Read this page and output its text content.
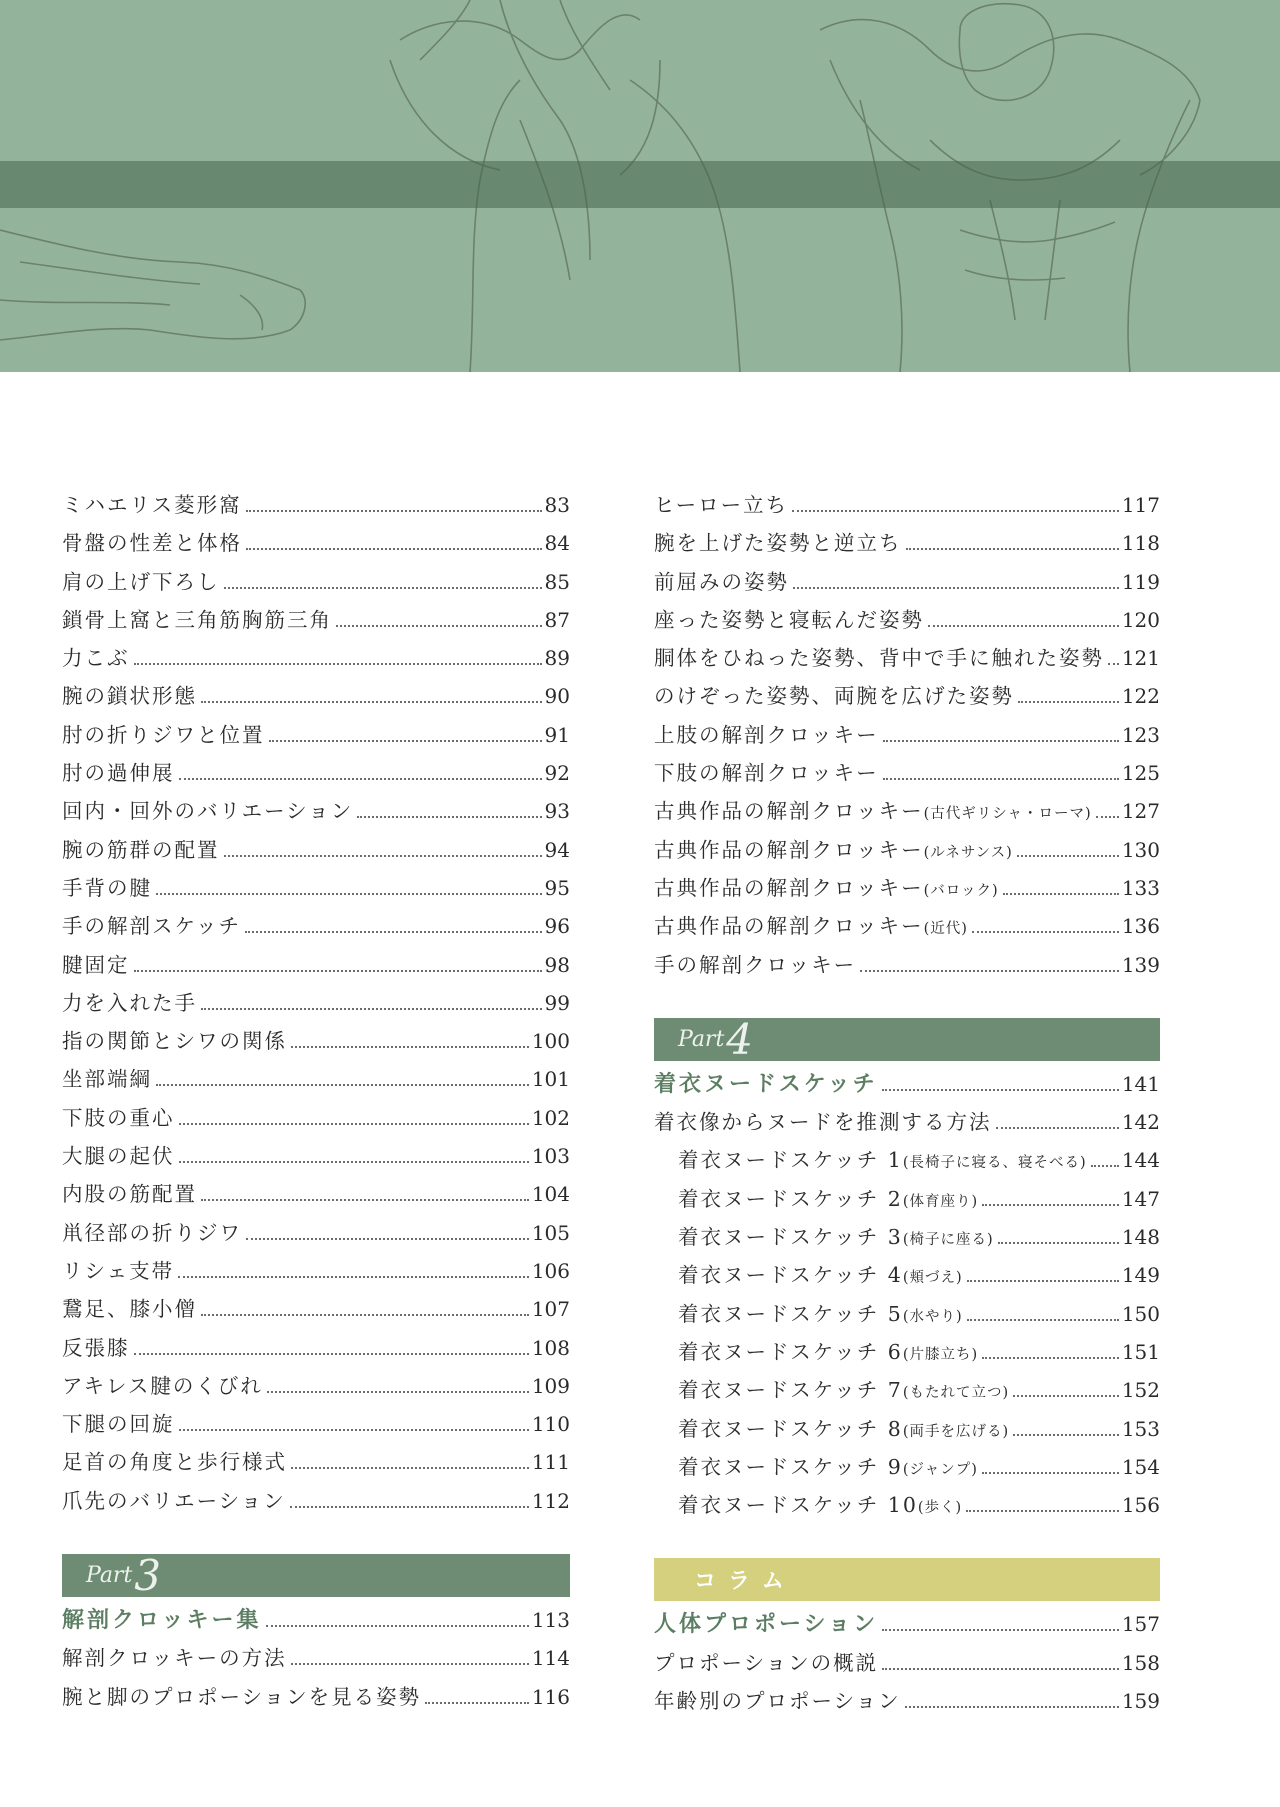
ミハエリス菱形窩	83
骨盤の性差と体格	84
肩の上げ下ろし	85
鎖骨上窩と三角筋胸筋三角	87
力こぶ	89
腕の鎖状形態	90
肘の折りジワと位置	91
肘の過伸展	92
回内・回外のバリエーション	93
腕の筋群の配置	94
手背の腱	95
手の解剖スケッチ	96
腱固定	98
力を入れた手	99
指の関節とシワの関係	100
坐部端綱	101
下肢の重心	102
大腿の起伏	103
内股の筋配置	104
鼡径部の折りジワ	105
リシェ支帯	106
鵞足、膝小僧	107
反張膝	108
アキレス腱のくびれ	109
下腿の回旋	110
足首の角度と歩行様式	111
爪先のバリエーション	112
Part 3
解剖クロッキー集	113
解剖クロッキーの方法	114
腕と脚のプロポーションを見る姿勢	116
ヒーロー立ち	117
腕を上げた姿勢と逆立ち	118
前屈みの姿勢	119
座った姿勢と寝転んだ姿勢	120
胴体をひねった姿勢、背中で手に触れた姿勢 121
のけぞった姿勢、両腕を広げた姿勢	122
上肢の解剖クロッキー	123
下肢の解剖クロッキー	125
古典作品の解剖クロッキー (古代ギリシャ・ローマ) 127
古典作品の解剖クロッキー (ルネサンス)	130
古典作品の解剖クロッキー (バロック)	133
古典作品の解剖クロッキー (近代)	136
手の解剖クロッキー	139
Part 4
着衣ヌードスケッチ	141
着衣像からヌードを推測する方法	142
着衣ヌードスケッチ 1 (長椅子に寝る、寝そべる) 144
着衣ヌードスケッチ 2 (体育座り)	147
着衣ヌードスケッチ 3 (椅子に座る)	148
着衣ヌードスケッチ 4 (頬づえ)	149
着衣ヌードスケッチ 5 (水やり)	150
着衣ヌードスケッチ 6 (片膝立ち)	151
着衣ヌードスケッチ 7 (もたれて立つ)	152
着衣ヌードスケッチ 8 (両手を広げる)	153
着衣ヌードスケッチ 9 (ジャンプ)	154
着衣ヌードスケッチ 10 (歩く)	156
コラム
人体プロポーション	157
プロポーションの概説	158
年齢別のプロポーション	159
